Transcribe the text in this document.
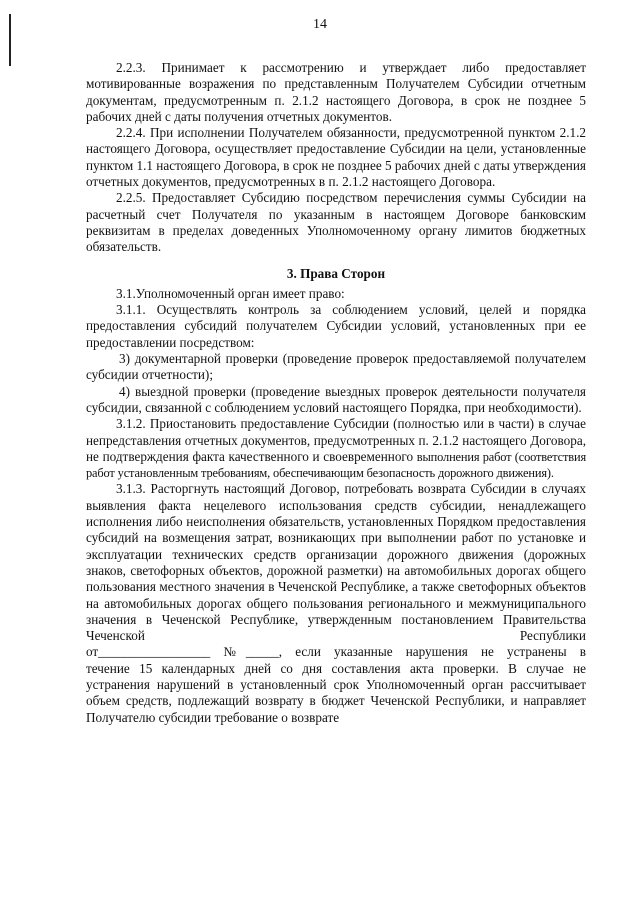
14

2.2.3. Принимает к рассмотрению и утверждает либо предоставляет мотивированные возражения по представленным Получателем Субсидии отчетным документам, предусмотренным п. 2.1.2 настоящего Договора, в срок не позднее 5 рабочих дней с даты получения отчетных документов.

2.2.4. При исполнении Получателем обязанности, предусмотренной пунктом 2.1.2 настоящего Договора, осуществляет предоставление Субсидии на цели, установленные пунктом 1.1 настоящего Договора, в срок не позднее 5 рабочих дней с даты утверждения отчетных документов, предусмотренных в п. 2.1.2 настоящего Договора.

2.2.5. Предоставляет Субсидию посредством перечисления суммы Субсидии на расчетный счет Получателя по указанным в настоящем Договоре банковским реквизитам в пределах доведенных Уполномоченному органу лимитов бюджетных обязательств.

3. Права Сторон

3.1.Уполномоченный орган имеет право:

3.1.1. Осуществлять контроль за соблюдением условий, целей и порядка предоставления субсидий получателем Субсидии условий, установленных при ее предоставлении посредством:

3) документарной проверки (проведение проверок предоставляемой получателем субсидии отчетности);

4) выездной проверки (проведение выездных проверок деятельности получателя субсидии, связанной с соблюдением условий настоящего Порядка, при необходимости).

3.1.2. Приостановить предоставление Субсидии (полностью или в части) в случае непредставления отчетных документов, предусмотренных п. 2.1.2 настоящего Договора, не подтверждения факта качественного и своевременного выполнения работ (соответствия работ установленным требованиям, обеспечивающим безопасность дорожного движения).

3.1.3. Расторгнуть настоящий Договор, потребовать возврата Субсидии в случаях выявления факта нецелевого использования средств субсидии, ненадлежащего исполнения либо неисполнения обязательств, установленных Порядком предоставления субсидий на возмещения затрат, возникающих при выполнении работ по установке и эксплуатации технических средств организации дорожного движения (дорожных знаков, светофорных объектов, дорожной разметки) на автомобильных дорогах общего пользования местного значения в Чеченской Республике, а также светофорных объектов на автомобильных дорогах общего пользования регионального и межмуниципального значения в Чеченской Республике, утвержденным постановлением Правительства Чеченской Республики

от_________________ №_____, если указанные нарушения не устранены в

течение 15 календарных дней со дня составления акта проверки. В случае не устранения нарушений в установленный срок Уполномоченный орган рассчитывает объем средств, подлежащий возврату в бюджет Чеченской Республики, и направляет Получателю субсидии требование о возврате
